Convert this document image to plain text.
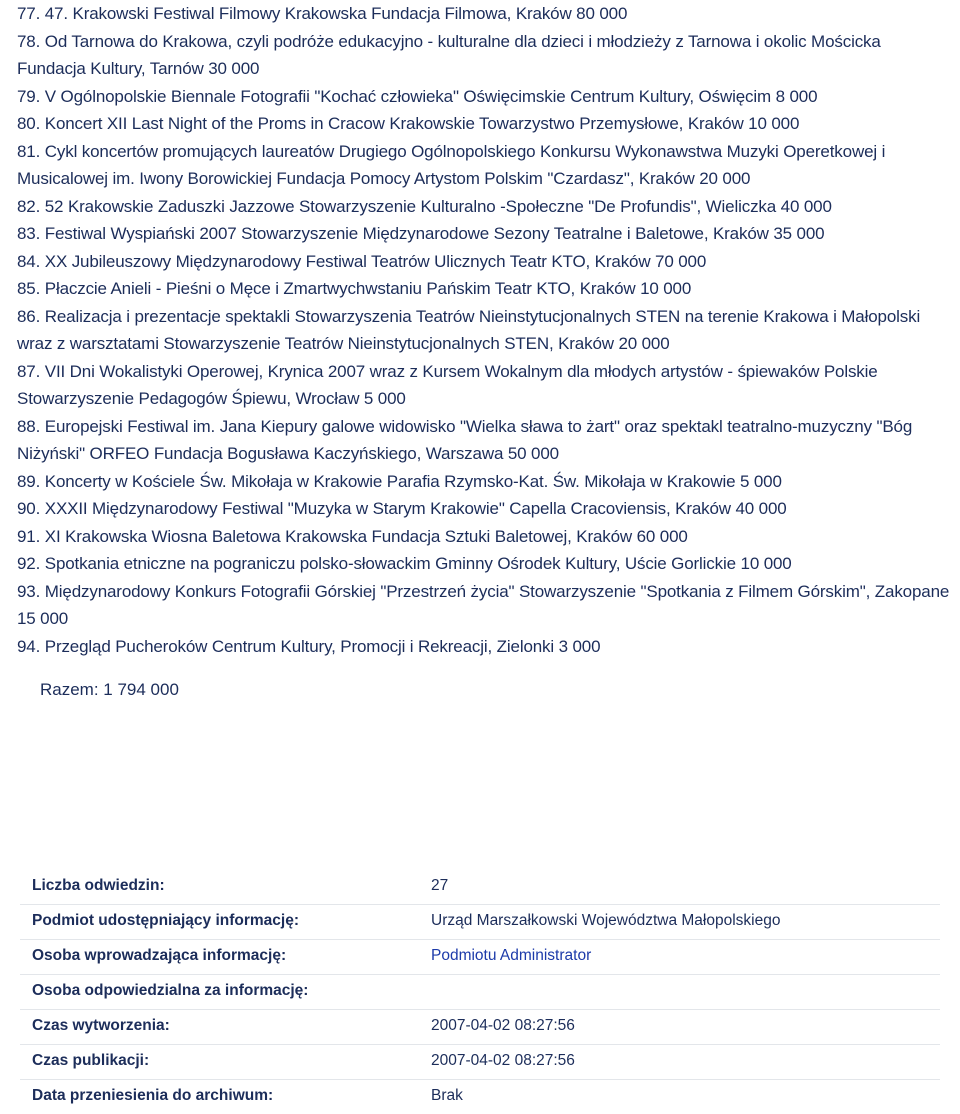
77. 47. Krakowski Festiwal Filmowy Krakowska Fundacja Filmowa, Kraków 80 000

78. Od Tarnowa do Krakowa, czyli podróże edukacyjno - kulturalne dla dzieci i młodzieży z Tarnowa i okolic Mościcka Fundacja Kultury, Tarnów 30 000

79. V Ogólnopolskie Biennale Fotografii "Kochać człowieka" Oświęcimskie Centrum Kultury, Oświęcim 8 000

80. Koncert XII Last Night of the Proms in Cracow Krakowskie Towarzystwo Przemysłowe, Kraków 10 000

81. Cykl koncertów promujących laureatów Drugiego Ogólnopolskiego Konkursu Wykonawstwa Muzyki Operetkowej i Musicalowej im. Iwony Borowickiej Fundacja Pomocy Artystom Polskim "Czardasz", Kraków 20 000

82. 52 Krakowskie Zaduszki Jazzowe Stowarzyszenie Kulturalno -Społeczne "De Profundis", Wieliczka 40 000

83. Festiwal Wyspiański 2007 Stowarzyszenie Międzynarodowe Sezony Teatralne i Baletowe, Kraków 35 000

84. XX Jubileuszowy Międzynarodowy Festiwal Teatrów Ulicznych Teatr KTO, Kraków 70 000

85. Płaczcie Anieli - Pieśni o Męce i Zmartwychwstaniu Pańskim Teatr KTO, Kraków 10 000

86. Realizacja i prezentacje spektakli Stowarzyszenia Teatrów Nieinstytucjonalnych STEN na terenie Krakowa i Małopolski wraz z warsztatami Stowarzyszenie Teatrów Nieinstytucjonalnych STEN, Kraków 20 000

87. VII Dni Wokalistyki Operowej, Krynica 2007 wraz z Kursem Wokalnym dla młodych artystów - śpiewaków Polskie Stowarzyszenie Pedagogów Śpiewu, Wrocław 5 000

88. Europejski Festiwal im. Jana Kiepury galowe widowisko "Wielka sława to żart" oraz spektakl teatralno-muzyczny "Bóg Niżyński" ORFEO Fundacja Bogusława Kaczyńskiego, Warszawa 50 000

89. Koncerty w Kościele Św. Mikołaja w Krakowie Parafia Rzymsko-Kat. Św. Mikołaja w Krakowie 5 000

90. XXXII Międzynarodowy Festiwal "Muzyka w Starym Krakowie" Capella Cracoviensis, Kraków 40 000

91. XI Krakowska Wiosna Baletowa Krakowska Fundacja Sztuki Baletowej, Kraków 60 000

92. Spotkania etniczne na pograniczu polsko-słowackim Gminny Ośrodek Kultury, Uście Gorlickie 10 000

93. Międzynarodowy Konkurs Fotografii Górskiej "Przestrzeń życia" Stowarzyszenie "Spotkania z Filmem Górskim", Zakopane 15 000

94. Przegląd Pucheroków Centrum Kultury, Promocji i Rekreacji, Zielonki 3 000

Razem: 1 794 000
Liczba odwiedzin:	27
Podmiot udostępniający informację:	Urząd Marszałkowski Województwa Małopolskiego
Osoba wprowadzająca informację:	Podmiotu Administrator
Osoba odpowiedzialna za informację:
Czas wytworzenia:	2007-04-02 08:27:56
Czas publikacji:	2007-04-02 08:27:56
Data przeniesienia do archiwum:	Brak
